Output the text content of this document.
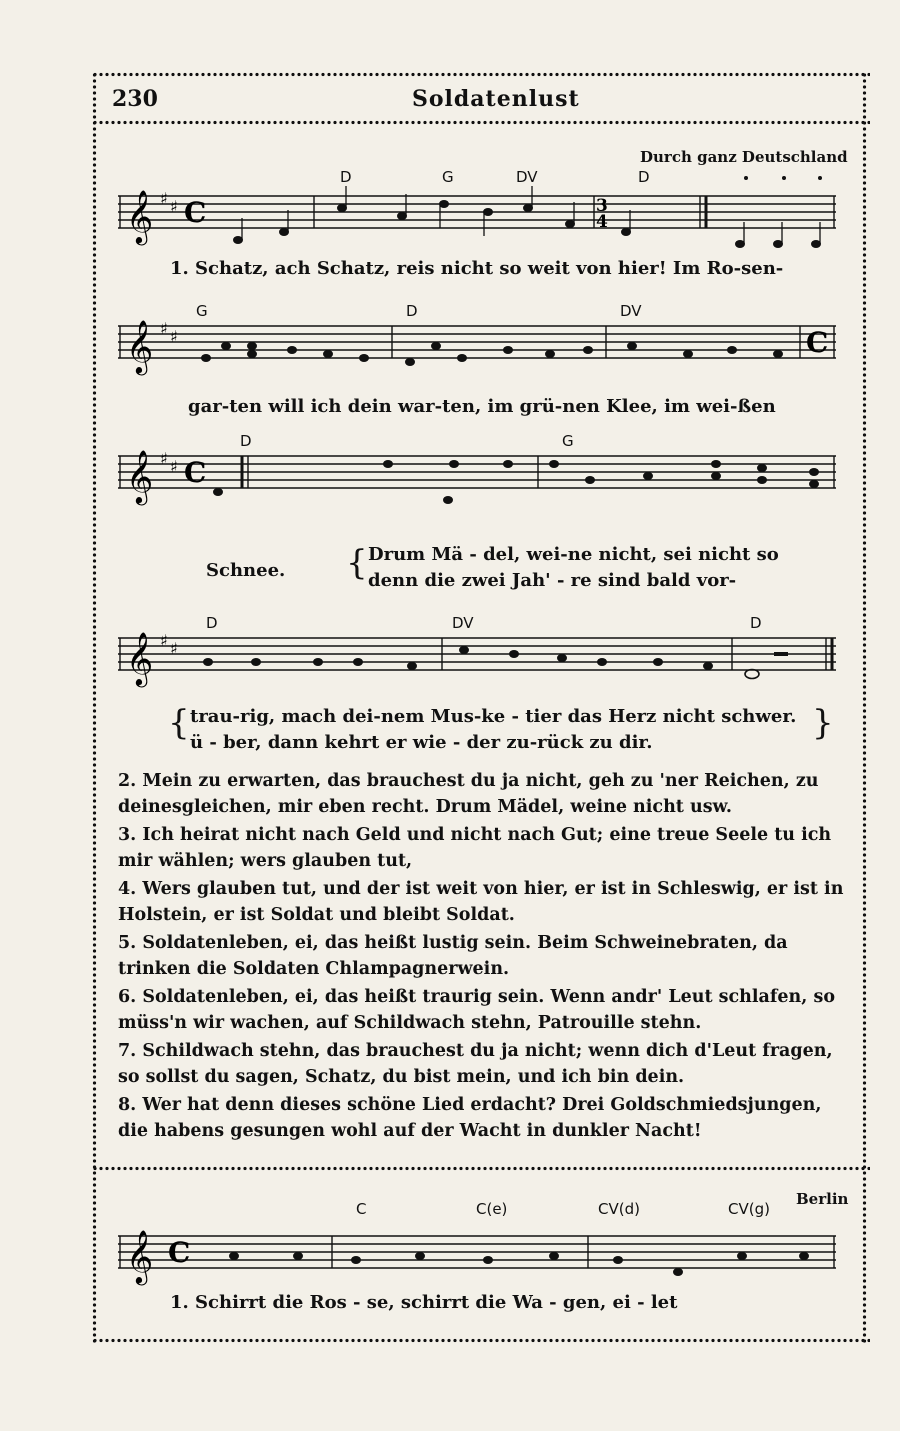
230	Soldatenlust
Durch ganz Deutschland
𝄞 ♯ ♯ C	3
4
D	G	DV	D
1. Schatz, ach Schatz, reis nicht so weit von hier! Im Ro-sen-
𝄞 ♯ ♯	C
G	D	DV
gar-ten will ich dein war-ten, im grü-nen Klee, im wei-ßen
𝄞 ♯ ♯ C
D	G
Schnee. { Drum Mä - del, wei-ne nicht, sei nicht so
denn die zwei Jah' - re sind bald vor-
𝄞 ♯ ♯
D	DV	D
{ trau-rig, mach dei-nem Mus-ke - tier das Herz nicht schwer.
ü - ber, dann kehrt er wie - der zu-rück zu dir.	}
2. Mein zu erwarten, das brauchest du ja nicht, geh zu 'ner Reichen, zu deinesgleichen, mir eben recht. Drum Mädel, weine nicht usw.
3. Ich heirat nicht nach Geld und nicht nach Gut; eine treue Seele tu ich mir wählen; wers glauben tut,
4. Wers glauben tut, und der ist weit von hier, er ist in Schleswig, er ist in Holstein, er ist Soldat und bleibt Soldat.
5. Soldatenleben, ei, das heißt lustig sein. Beim Schweinebraten, da trinken die Soldaten Chlampagnerwein.
6. Soldatenleben, ei, das heißt traurig sein. Wenn andr' Leut schlafen, so müss'n wir wachen, auf Schildwach stehn, Patrouille stehn.
7. Schildwach stehn, das brauchest du ja nicht; wenn dich d'Leut fragen, so sollst du sagen, Schatz, du bist mein, und ich bin dein.
8. Wer hat denn dieses schöne Lied erdacht? Drei Goldschmiedsjungen, die habens gesungen wohl auf der Wacht in dunkler Nacht!
Berlin
𝄞 C
C	C(e)	CV(d)	CV(g)
1. Schirrt die Ros - se, schirrt die Wa - gen, ei - let
